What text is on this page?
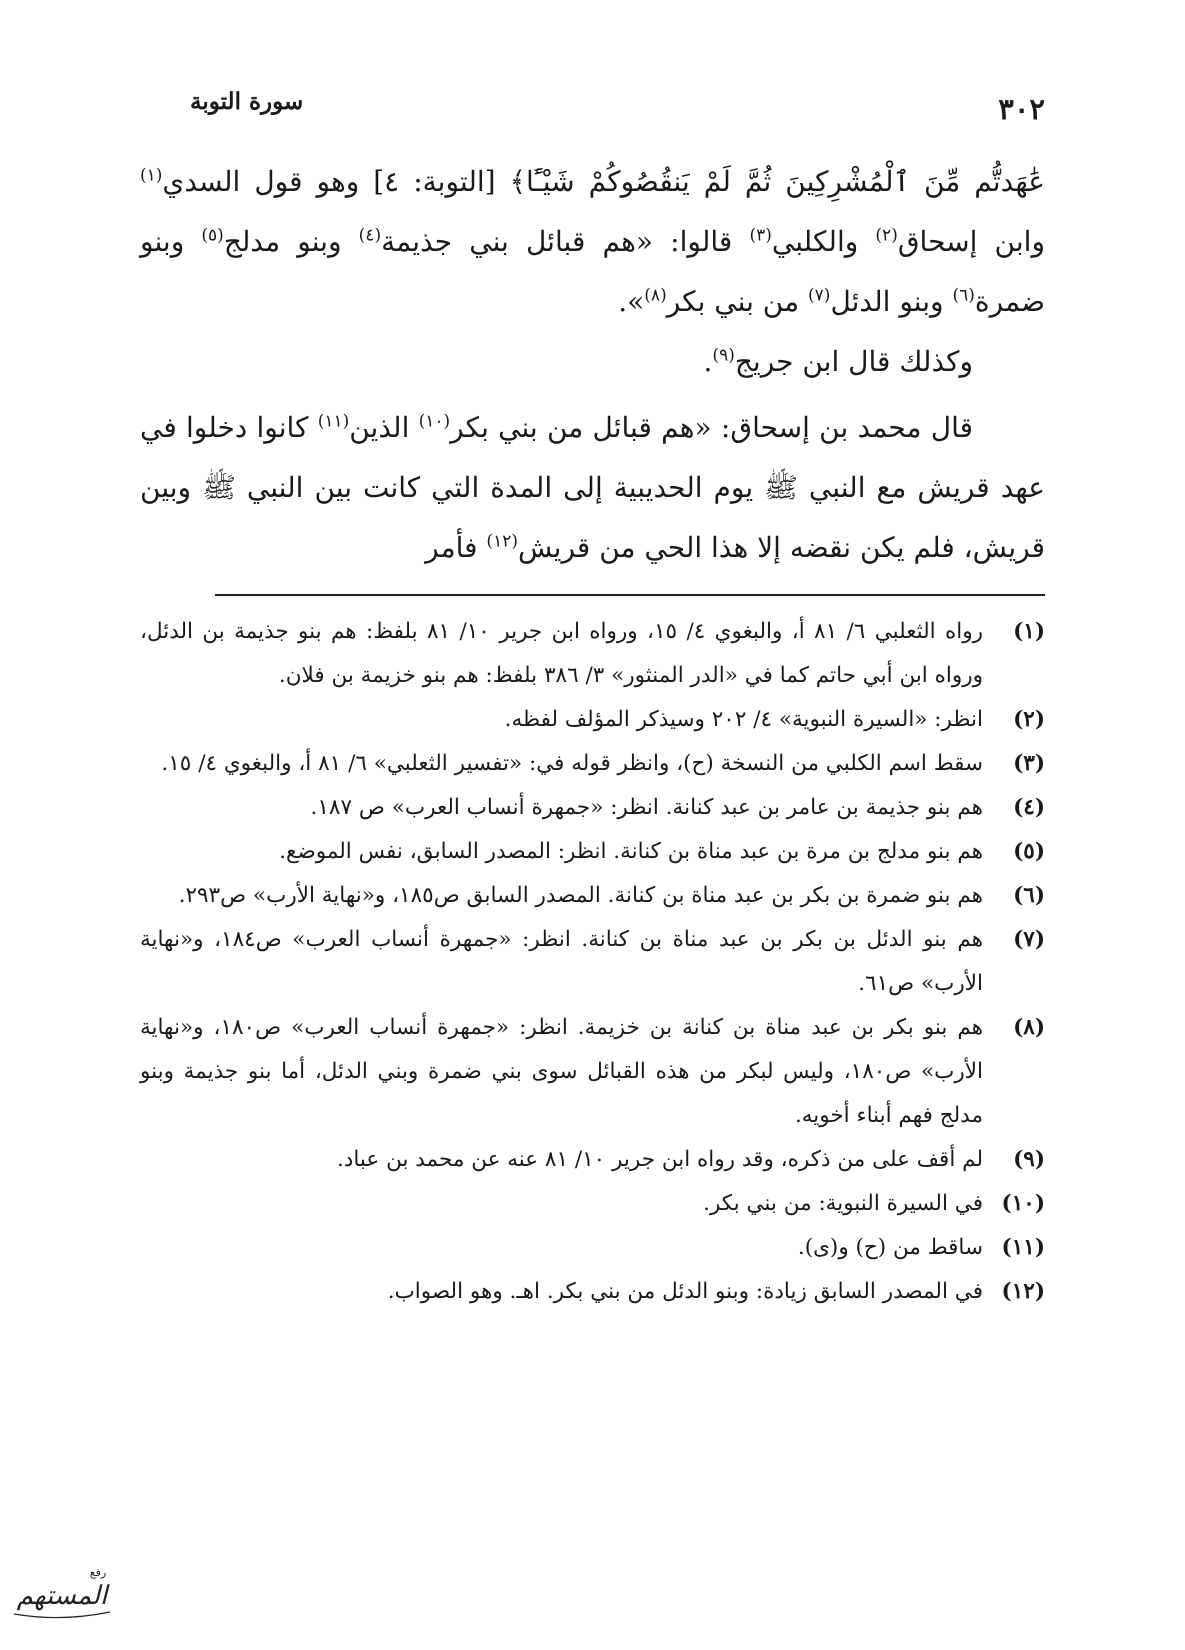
٣٠٢
سورة التوبة

عَٰهَدتُّم مِّنَ ٱلْمُشْرِكِينَ ثُمَّ لَمْ يَنقُصُوكُمْ شَيْـًٔا﴾ [التوبة: ٤] وهو قول السدي$^{(١)}$ وابن إسحاق$^{(٢)}$ والكلبي$^{(٣)}$ قالوا: «هم قبائل بني جذيمة$^{(٤)}$ وبنو مدلج$^{(٥)}$ وبنو ضمرة$^{(٦)}$ وبنو الدئل$^{(٧)}$ من بني بكر$^{(٨)}$».

وكذلك قال ابن جريج$^{(٩)}$.

قال محمد بن إسحاق: «هم قبائل من بني بكر$^{(١٠)}$ الذين$^{(١١)}$ كانوا دخلوا في عهد قريش مع النبي ﷺ يوم الحديبية إلى المدة التي كانت بين النبي ﷺ وبين قريش، فلم يكن نقضه إلا هذا الحي من قريش$^{(١٢)}$ فأمر

(١)
رواه الثعلبي ٦/ ٨١ أ، والبغوي ٤/ ١٥، ورواه ابن جرير ١٠/ ٨١ بلفظ: هم بنو جذيمة بن الدئل، ورواه ابن أبي حاتم كما في «الدر المنثور» ٣/ ٣٨٦ بلفظ: هم بنو خزيمة بن فلان.
(٢)
انظر: «السيرة النبوية» ٤/ ٢٠٢ وسيذكر المؤلف لفظه.
(٣)
سقط اسم الكلبي من النسخة (ح)، وانظر قوله في: «تفسير الثعلبي» ٦/ ٨١ أ، والبغوي ٤/ ١٥.
(٤)
هم بنو جذيمة بن عامر بن عبد كنانة. انظر: «جمهرة أنساب العرب» ص ١٨٧.
(٥)
هم بنو مدلج بن مرة بن عبد مناة بن كنانة. انظر: المصدر السابق، نفس الموضع.
(٦)
هم بنو ضمرة بن بكر بن عبد مناة بن كنانة. المصدر السابق ص١٨٥، و«نهاية الأرب» ص٢٩٣.
(٧)
هم بنو الدئل بن بكر بن عبد مناة بن كنانة. انظر: «جمهرة أنساب العرب» ص١٨٤، و«نهاية الأرب» ص٦١.
(٨)
هم بنو بكر بن عبد مناة بن كنانة بن خزيمة. انظر: «جمهرة أنساب العرب» ص١٨٠، و«نهاية الأرب» ص١٨٠، وليس لبكر من هذه القبائل سوى بني ضمرة وبني الدئل، أما بنو جذيمة وبنو مدلج فهم أبناء أخويه.
(٩)
لم أقف على من ذكره، وقد رواه ابن جرير ١٠/ ٨١ عنه عن محمد بن عباد.
(١٠)
في السيرة النبوية: من بني بكر.
(١١)
ساقط من (ح) و(ى).
(١٢)
في المصدر السابق زيادة: وبنو الدئل من بني بكر. اهـ. وهو الصواب.
رفع
المستهم
